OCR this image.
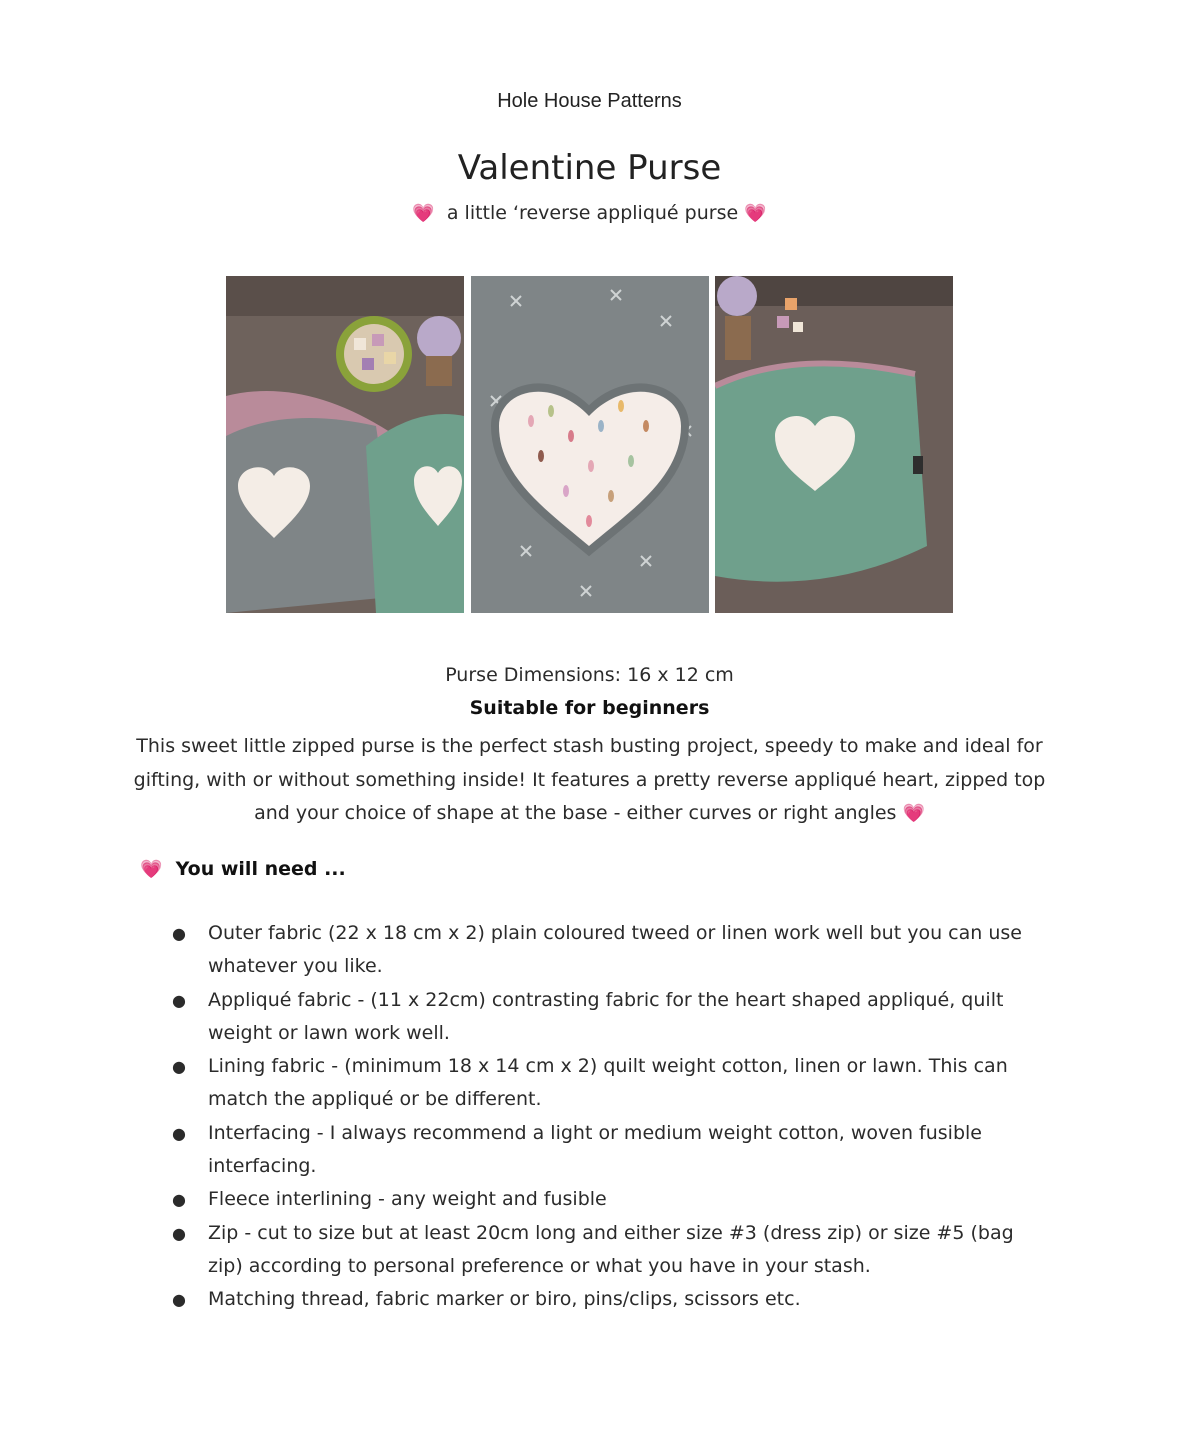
Hole House Patterns
Valentine Purse
💗 a little ‘reverse appliqué purse 💗
Purse Dimensions: 16 x 12 cm
Suitable for beginners

This sweet little zipped purse is the perfect stash busting project, speedy to make and ideal for gifting, with or without something inside! It features a pretty reverse appliqué heart, zipped top and your choice of shape at the base - either curves or right angles 💗

💗 You will need ...
● Outer fabric (22 x 18 cm x 2) plain coloured tweed or linen work well but you can use whatever you like.
● Appliqué fabric - (11 x 22cm) contrasting fabric for the heart shaped appliqué, quilt weight or lawn work well.
● Lining fabric - (minimum 18 x 14 cm x 2) quilt weight cotton, linen or lawn. This can match the appliqué or be different.
● Interfacing - I always recommend a light or medium weight cotton, woven fusible interfacing.
● Fleece interlining - any weight and fusible
● Zip - cut to size but at least 20cm long and either size #3 (dress zip) or size #5 (bag zip) according to personal preference or what you have in your stash.
● Matching thread, fabric marker or biro, pins/clips, scissors etc.
